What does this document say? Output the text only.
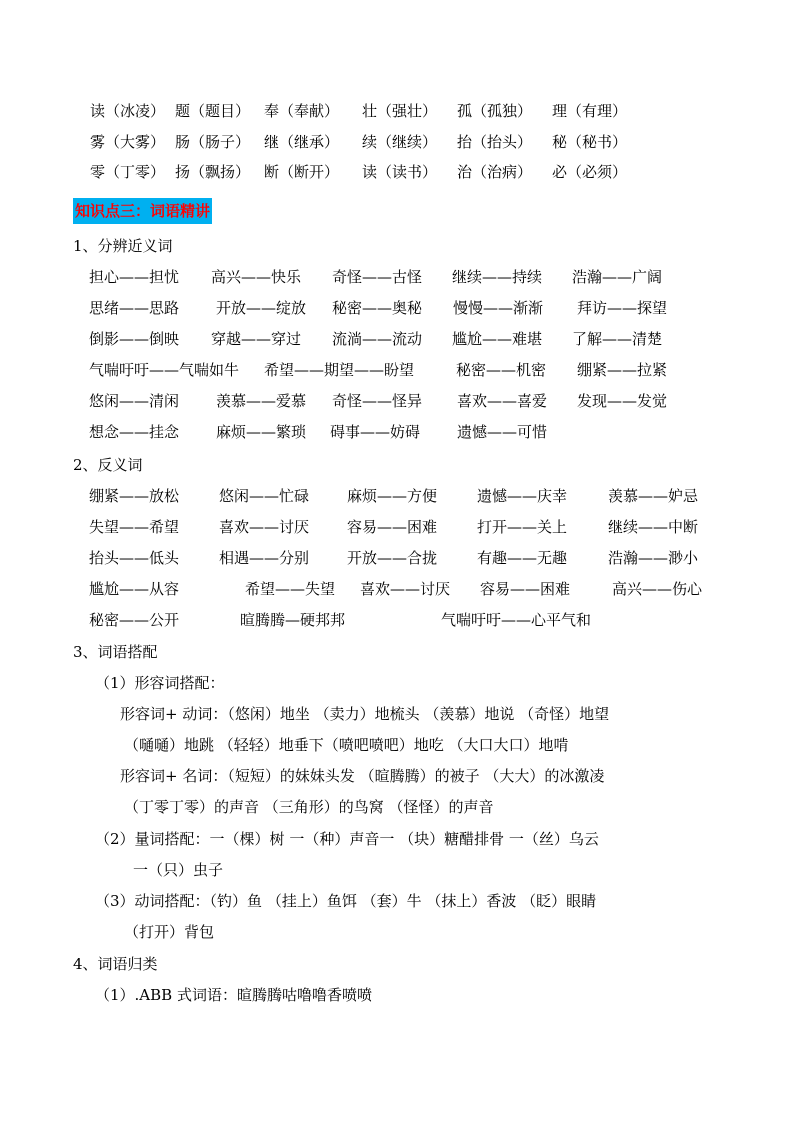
读（冰凌） 题（题目） 奉（奉献） 壮（强壮） 孤（孤独） 理（有理）
雾（大雾） 肠（肠子） 继（继承） 续（继续） 抬（抬头） 秘（秘书）
零（丁零） 扬（飘扬） 断（断开） 读（读书） 治（治病） 必（必须）
知识点三：词语精讲
1、分辨近义词
担心——担忧 高兴——快乐 奇怪——古怪 继续——持续 浩瀚——广阔
思绪——思路 开放——绽放 秘密——奥秘 慢慢——渐渐 拜访——探望
倒影——倒映 穿越——穿过 流淌——流动 尴尬——难堪 了解——清楚
气喘吁吁——气喘如牛 希望——期望——盼望	秘密——机密 绷紧——拉紧
悠闲——清闲 羡慕——爱慕 奇怪——怪异 喜欢——喜爱 发现——发觉
想念——挂念 麻烦——繁琐 碍事——妨碍 遗憾——可惜
2、反义词
绷紧——放松	悠闲——忙碌	麻烦——方便	遗憾——庆幸	羡慕——妒忌
失望——希望	喜欢——讨厌	容易——困难	打开——关上	继续——中断
抬头——低头	相遇——分别	开放——合拢	有趣——无趣	浩瀚——渺小
尴尬——从容	希望——失望 喜欢——讨厌 容易——困难	高兴——伤心
秘密——公开	暄腾腾—硬邦邦	气喘吁吁——心平气和
3、词语搭配
（1）形容词搭配：
形容词+ 动词：（悠闲）地坐 （卖力）地梳头 （羡慕）地说 （奇怪）地望
（嗵嗵）地跳 （轻轻）地垂下（喷吧喷吧）地吃 （大口大口）地啃
形容词+ 名词：（短短）的妹妹头发 （暄腾腾）的被子 （大大）的冰激凌
（丁零丁零）的声音 （三角形）的鸟窝 （怪怪）的声音
（2）量词搭配：一（棵）树 一（种）声音一 （块）糖醋排骨 一（丝）乌云
一（只）虫子
（3）动词搭配：（钓）鱼 （挂上）鱼饵 （套）牛 （抹上）香波 （眨）眼睛
（打开）背包
4、词语归类
（1）.ABB 式词语：暄腾腾咕噜噜香喷喷
